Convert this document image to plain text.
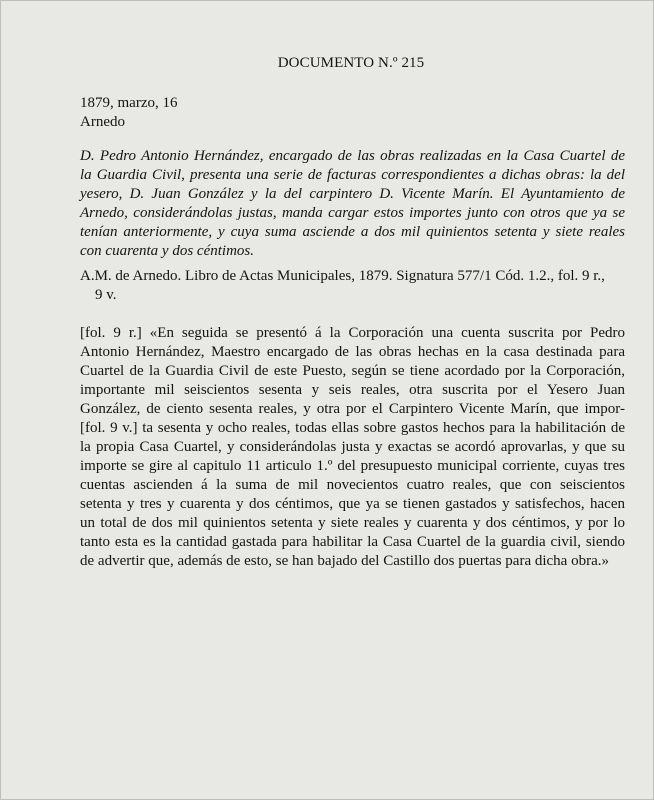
DOCUMENTO N.º 215
1879, marzo, 16
Arnedo
D. Pedro Antonio Hernández, encargado de las obras realizadas en la Casa Cuartel de
la Guardia Civil, presenta una serie de facturas correspondientes a dichas obras: la del
yesero, D. Juan González y la del carpintero D. Vicente Marín. El Ayuntamiento de
Arnedo, considerándolas justas, manda cargar estos importes junto con otros que ya se
tenían anteriormente, y cuya suma asciende a dos mil quinientos setenta y siete reales
con cuarenta y dos céntimos.
A.M. de Arnedo. Libro de Actas Municipales, 1879. Signatura 577/1 Cód. 1.2., fol. 9 r.,
9 v.
[fol. 9 r.] «En seguida se presentó á la Corporación una cuenta suscrita por Pedro
Antonio Hernández, Maestro encargado de las obras hechas en la casa destinada para
Cuartel de la Guardia Civil de este Puesto, según se tiene acordado por la Corporación,
importante mil seiscientos sesenta y seis reales, otra suscrita por el Yesero Juan
González, de ciento sesenta reales, y otra por el Carpintero Vicente Marín, que impor-
[fol. 9 v.] ta sesenta y ocho reales, todas ellas sobre gastos hechos para la habilitación de
la propia Casa Cuartel, y considerándolas justa y exactas se acordó aprovarlas, y que su
importe se gire al capitulo 11 articulo 1.º del presupuesto municipal corriente, cuyas tres
cuentas ascienden á la suma de mil novecientos cuatro reales, que con seiscientos
setenta y tres y cuarenta y dos céntimos, que ya se tienen gastados y satisfechos, hacen
un total de dos mil quinientos setenta y siete reales y cuarenta y dos céntimos, y por lo
tanto esta es la cantidad gastada para habilitar la Casa Cuartel de la guardia civil, siendo
de advertir que, además de esto, se han bajado del Castillo dos puertas para dicha obra.»
